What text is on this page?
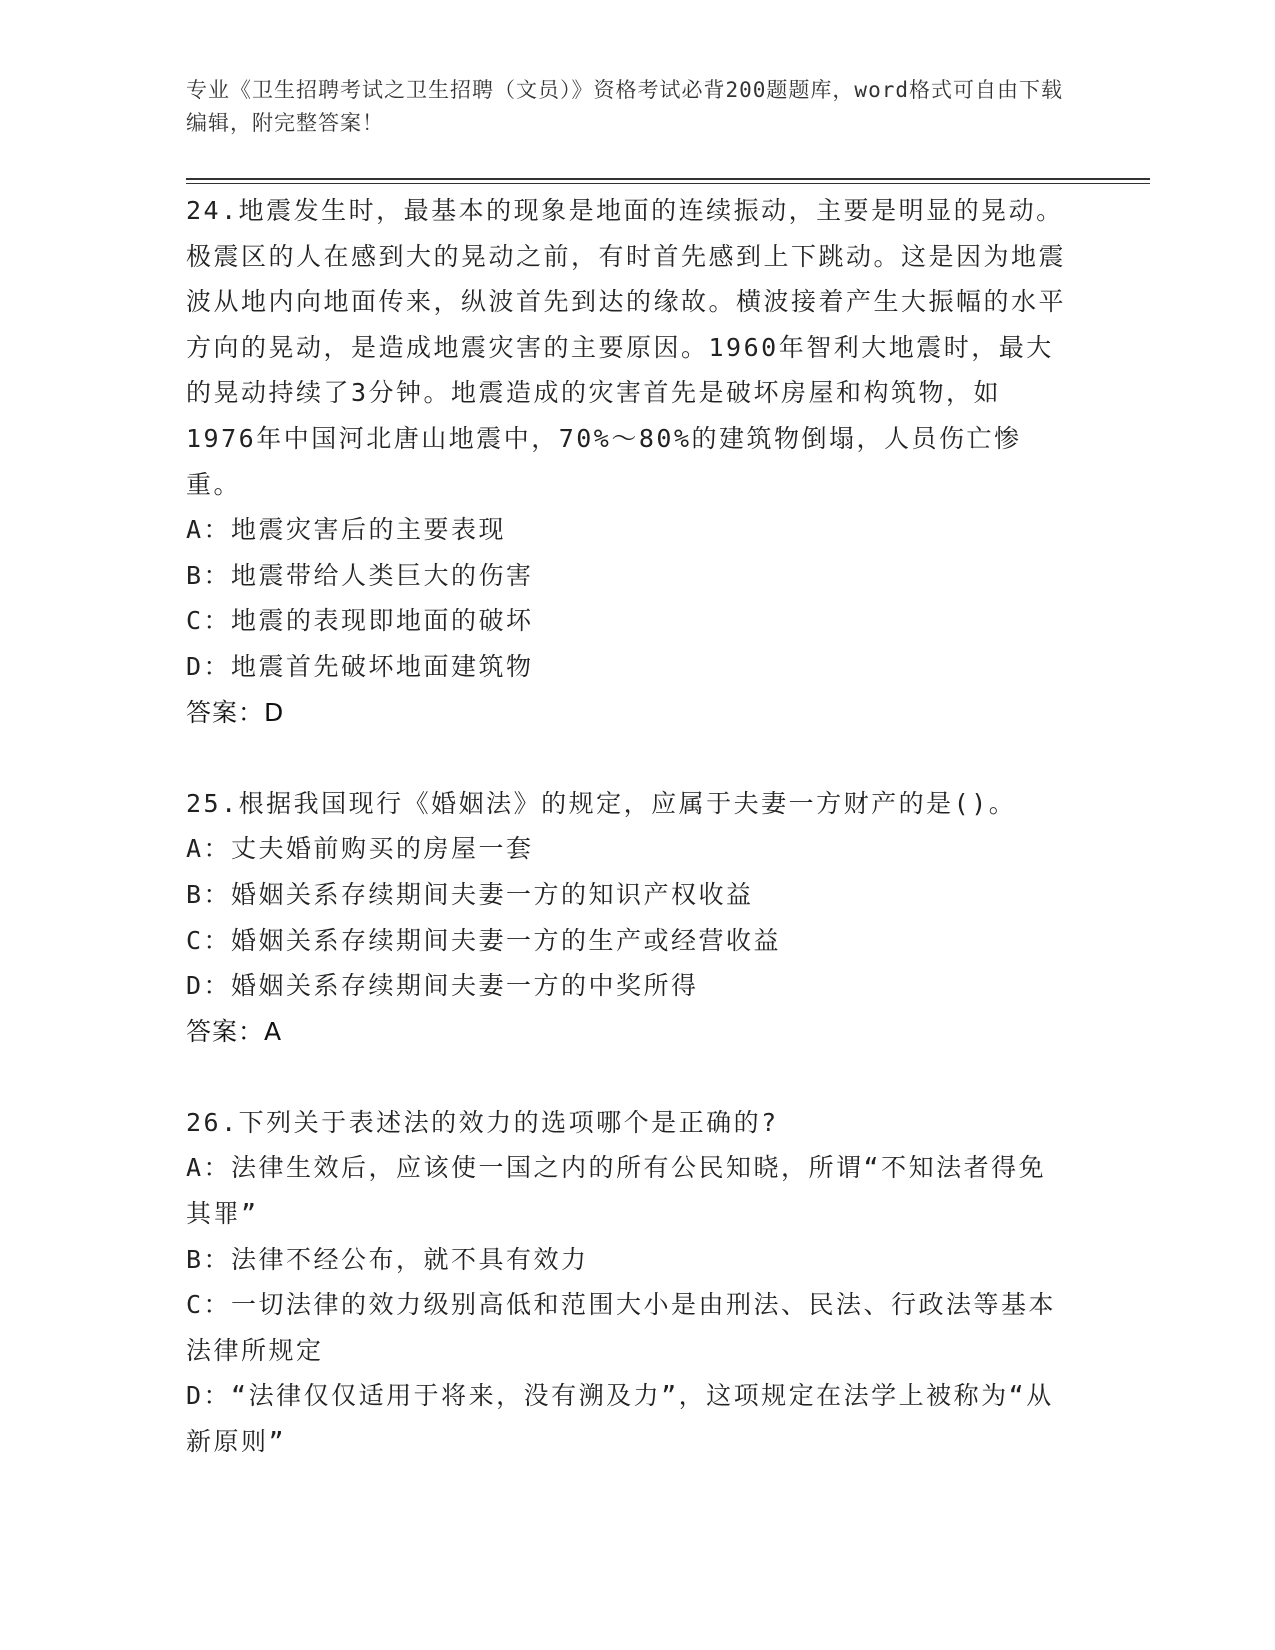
专业《卫生招聘考试之卫生招聘（文员）》资格考试必背200题题库，word格式可自由下载编辑，附完整答案！

24.地震发生时，最基本的现象是地面的连续振动，主要是明显的晃动。极震区的人在感到大的晃动之前，有时首先感到上下跳动。这是因为地震波从地内向地面传来，纵波首先到达的缘故。横波接着产生大振幅的水平方向的晃动，是造成地震灾害的主要原因。1960年智利大地震时，最大的晃动持续了3分钟。地震造成的灾害首先是破坏房屋和构筑物，如1976年中国河北唐山地震中，70%～80%的建筑物倒塌，人员伤亡惨重。

A：地震灾害后的主要表现

B：地震带给人类巨大的伤害

C：地震的表现即地面的破坏

D：地震首先破坏地面建筑物

答案：D

25.根据我国现行《婚姻法》的规定，应属于夫妻一方财产的是()。

A：丈夫婚前购买的房屋一套

B：婚姻关系存续期间夫妻一方的知识产权收益

C：婚姻关系存续期间夫妻一方的生产或经营收益

D：婚姻关系存续期间夫妻一方的中奖所得

答案：A

26.下列关于表述法的效力的选项哪个是正确的?

A：法律生效后，应该使一国之内的所有公民知晓，所谓“不知法者得免其罪”

B：法律不经公布，就不具有效力

C：一切法律的效力级别高低和范围大小是由刑法、民法、行政法等基本法律所规定

D：“法律仅仅适用于将来，没有溯及力”，这项规定在法学上被称为“从新原则”
